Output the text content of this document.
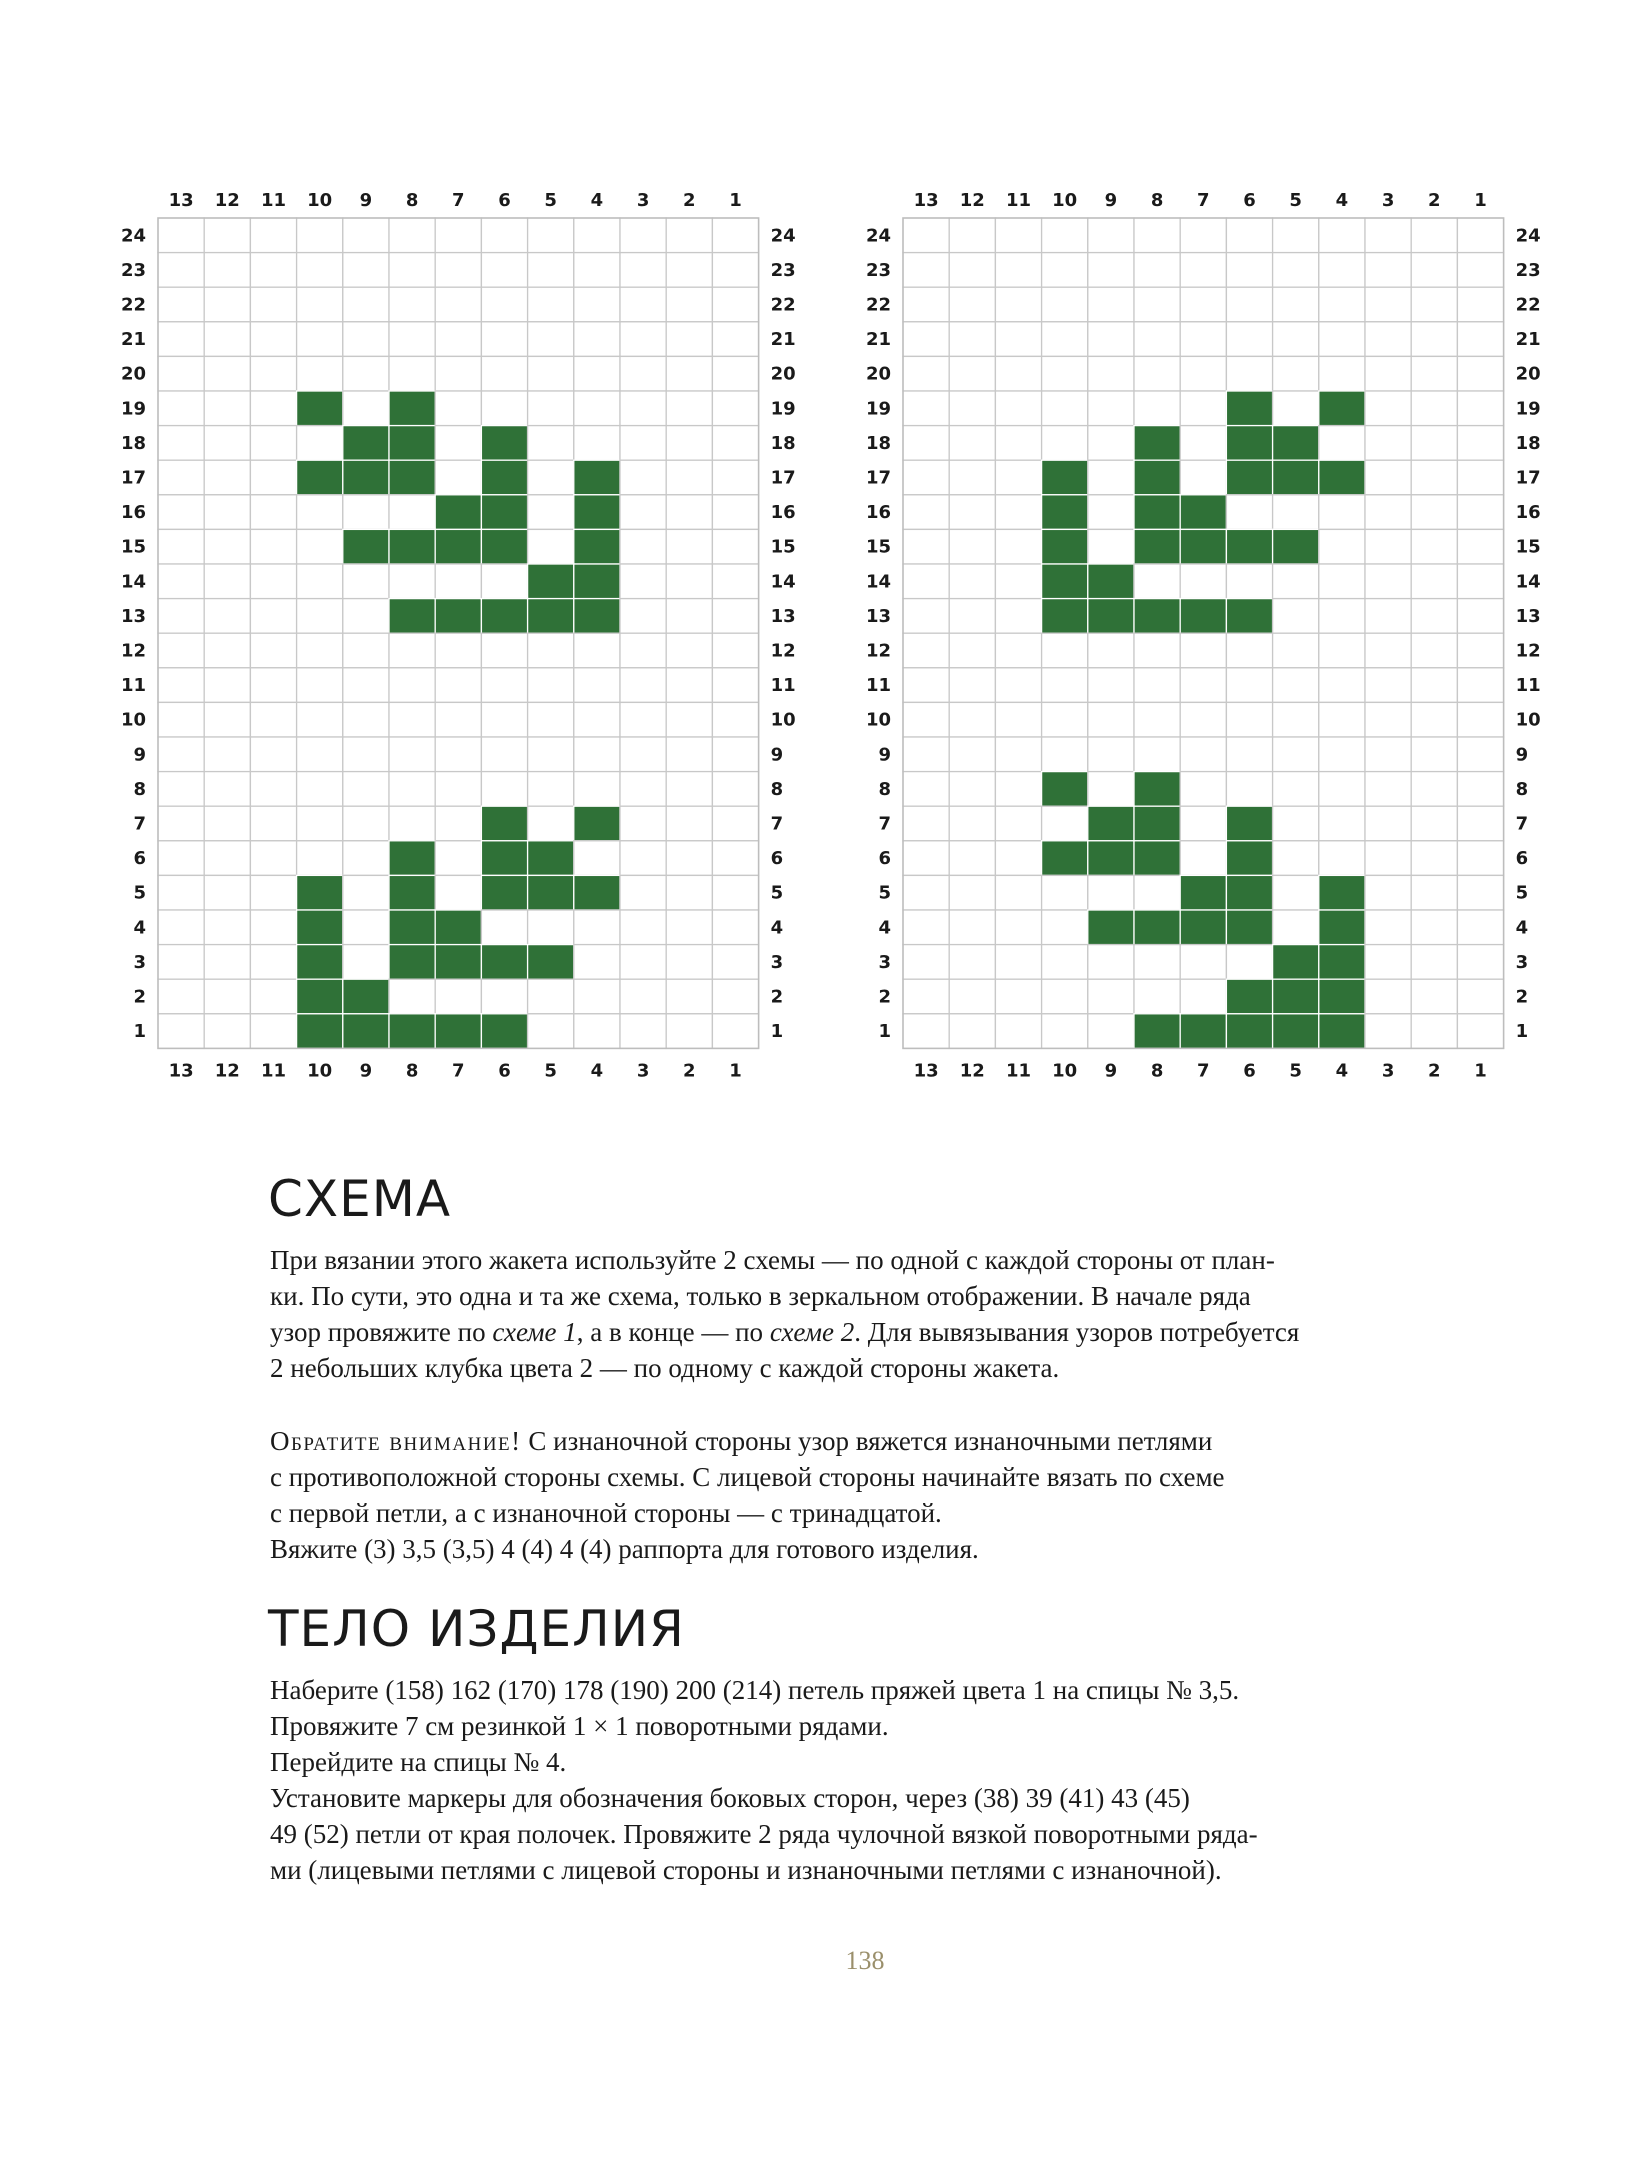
13
13
12
12
11
11
10
10
9
9
8
8
7
7
6
6
5
5
4
4
3
3
2
2
1
1
24	24
23	23
22	22
21	21
20	20
19	19
18	18
17	17
16	16
15	15
14	14
13	13
12	12
11	11
10	10
9	9
8	8
7	7
6	6
5	5
4	4
3	3
2	2
1	1
13
13
12
12
11
11
10
10
9
9
8
8
7
7
6
6
5
5
4
4
3
3
2
2
1
1
24	24
23	23
22	22
21	21
20	20
19	19
18	18
17	17
16	16
15	15
14	14
13	13
12	12
11	11
10	10
9	9
8	8
7	7
6	6
5	5
4	4
3	3
2	2
1	1
СХЕМА
При вязании этого жакета используйте 2 схемы — по одной с каждой стороны от план-
ки. По сути, это одна и та же схема, только в зеркальном отображении. В начале ряда
узор провяжите по схеме 1, а в конце — по схеме 2. Для вывязывания узоров потребуется
2 небольших клубка цвета 2 — по одному с каждой стороны жакета.
Обратите внимание! С изнаночной стороны узор вяжется изнаночными петлями
с противоположной стороны схемы. С лицевой стороны начинайте вязать по схеме
с первой петли, а с изнаночной стороны — с тринадцатой.
Вяжите (3) 3,5 (3,5) 4 (4) 4 (4) раппорта для готового изделия.
ТЕЛО ИЗДЕЛИЯ
Наберите (158) 162 (170) 178 (190) 200 (214) петель пряжей цвета 1 на спицы № 3,5.
Провяжите 7 см резинкой 1 × 1 поворотными рядами.
Перейдите на спицы № 4.
Установите маркеры для обозначения боковых сторон, через (38) 39 (41) 43 (45)
49 (52) петли от края полочек. Провяжите 2 ряда чулочной вязкой поворотными ряда-
ми (лицевыми петлями с лицевой стороны и изнаночными петлями с изнаночной).
138
